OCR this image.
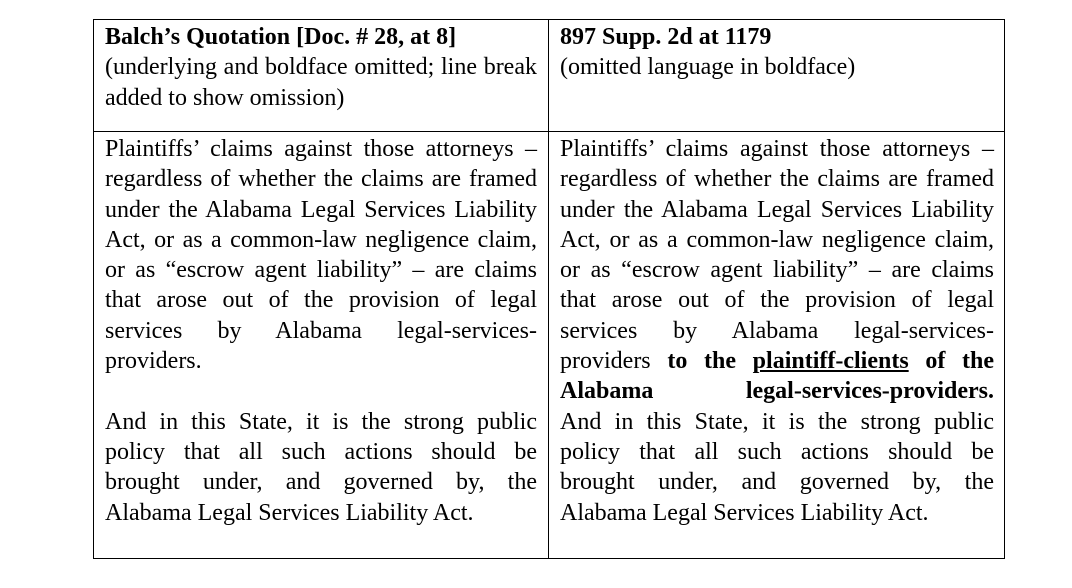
Balch’s Quotation [Doc. # 28, at 8]
(underlying and boldface omitted; line break added to show omission)
897 Supp. 2d at 1179
(omitted language in boldface)

Plaintiffs’ claims against those attorneys – regardless of whether the claims are framed under the Alabama Legal Services Liability Act, or as a common-law negligence claim, or as “escrow agent liability” – are claims that arose out of the provision of legal services by Alabama legal-services-providers.

And in this State, it is the strong public policy that all such actions should be brought under, and governed by, the Alabama Legal Services Liability Act.

Plaintiffs’ claims against those attorneys – regardless of whether the claims are framed under the Alabama Legal Services Liability Act, or as a common-law negligence claim, or as “escrow agent liability” – are claims that arose out of the provision of legal services by Alabama legal-services-providers to the plaintiff-clients of the Alabama legal-services-providers.

And in this State, it is the strong public policy that all such actions should be brought under, and governed by, the Alabama Legal Services Liability Act.
